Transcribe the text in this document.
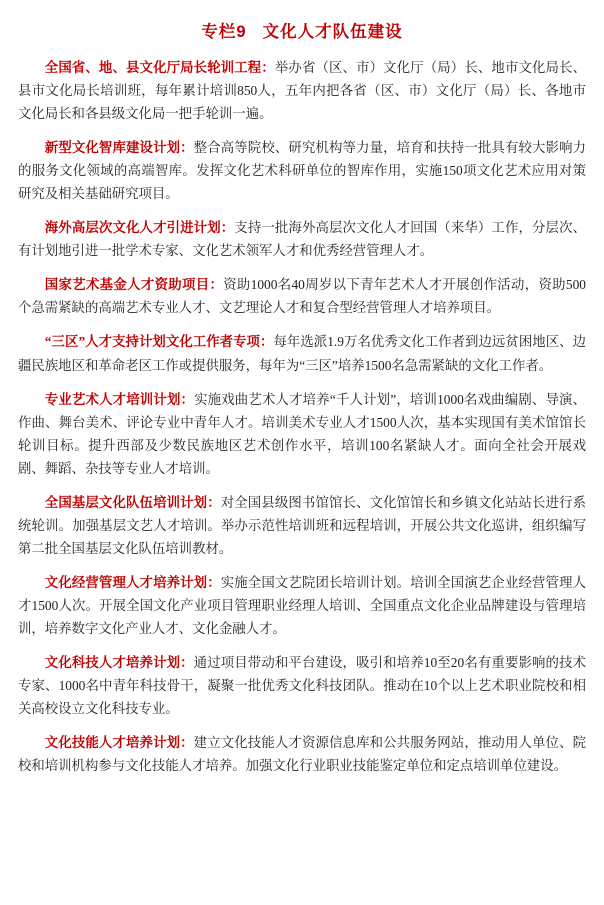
专栏9 文化人才队伍建设

全国省、地、县文化厅局长轮训工程：举办省（区、市）文化厅（局）长、地市文化局长、县市文化局长培训班，每年累计培训850人，五年内把各省（区、市）文化厅（局）长、各地市文化局长和各县级文化局一把手轮训一遍。

新型文化智库建设计划：整合高等院校、研究机构等力量，培育和扶持一批具有较大影响力的服务文化领域的高端智库。发挥文化艺术科研单位的智库作用，实施150项文化艺术应用对策研究及相关基础研究项目。

海外高层次文化人才引进计划：支持一批海外高层次文化人才回国（来华）工作，分层次、有计划地引进一批学术专家、文化艺术领军人才和优秀经营管理人才。

国家艺术基金人才资助项目：资助1000名40周岁以下青年艺术人才开展创作活动，资助500个急需紧缺的高端艺术专业人才、文艺理论人才和复合型经营管理人才培养项目。

“三区”人才支持计划文化工作者专项：每年选派1.9万名优秀文化工作者到边远贫困地区、边疆民族地区和革命老区工作或提供服务，每年为“三区”培养1500名急需紧缺的文化工作者。

专业艺术人才培训计划：实施戏曲艺术人才培养“千人计划”，培训1000名戏曲编剧、导演、作曲、舞台美术、评论专业中青年人才。培训美术专业人才1500人次，基本实现国有美术馆馆长轮训目标。提升西部及少数民族地区艺术创作水平，培训100名紧缺人才。面向全社会开展戏剧、舞蹈、杂技等专业人才培训。

全国基层文化队伍培训计划：对全国县级图书馆馆长、文化馆馆长和乡镇文化站站长进行系统轮训。加强基层文艺人才培训。举办示范性培训班和远程培训，开展公共文化巡讲，组织编写第二批全国基层文化队伍培训教材。

文化经营管理人才培养计划：实施全国文艺院团长培训计划。培训全国演艺企业经营管理人才1500人次。开展全国文化产业项目管理职业经理人培训、全国重点文化企业品牌建设与管理培训，培养数字文化产业人才、文化金融人才。

文化科技人才培养计划：通过项目带动和平台建设，吸引和培养10至20名有重要影响的技术专家、1000名中青年科技骨干，凝聚一批优秀文化科技团队。推动在10个以上艺术职业院校和相关高校设立文化科技专业。

文化技能人才培养计划：建立文化技能人才资源信息库和公共服务网站，推动用人单位、院校和培训机构参与文化技能人才培养。加强文化行业职业技能鉴定单位和定点培训单位建设。
